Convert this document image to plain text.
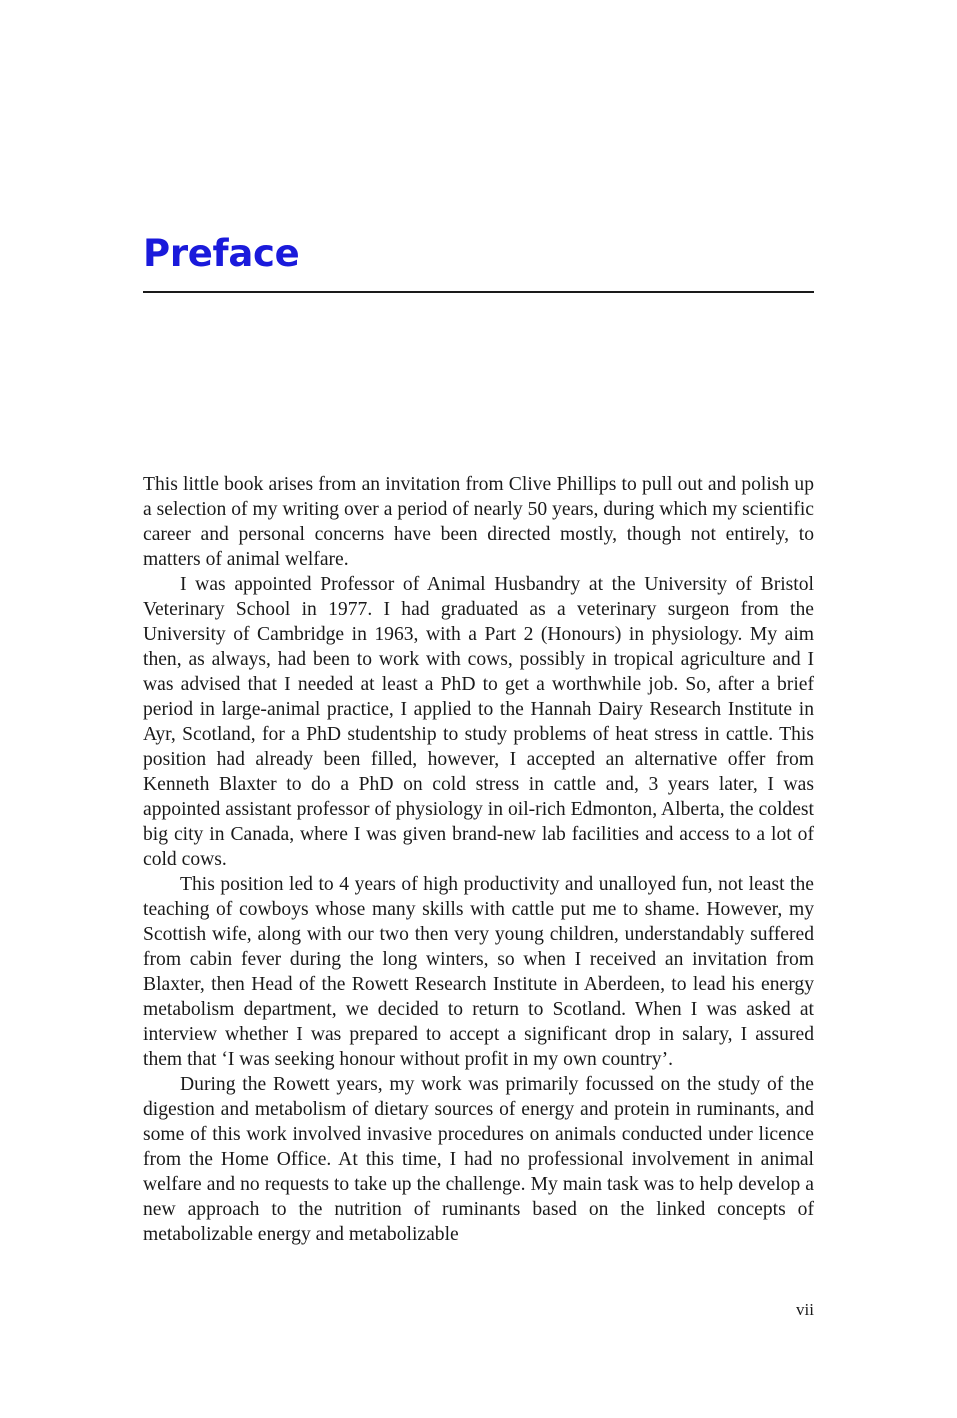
Preface

This little book arises from an invitation from Clive Phillips to pull out and polish up a selection of my writing over a period of nearly 50 years, during which my scientific career and personal concerns have been directed mostly, though not entirely, to matters of animal welfare.

I was appointed Professor of Animal Husbandry at the University of Bristol Veterinary School in 1977. I had graduated as a veterinary surgeon from the University of Cambridge in 1963, with a Part 2 (Honours) in physiology. My aim then, as always, had been to work with cows, possibly in tropical agriculture and I was advised that I needed at least a PhD to get a worthwhile job. So, after a brief period in large-animal practice, I applied to the Hannah Dairy Research Institute in Ayr, Scotland, for a PhD studentship to study problems of heat stress in cattle. This position had already been filled, however, I accepted an alternative offer from Kenneth Blaxter to do a PhD on cold stress in cattle and, 3 years later, I was appointed assistant professor of physiology in oil-rich Edmonton, Alberta, the coldest big city in Canada, where I was given brand-new lab facilities and access to a lot of cold cows.

This position led to 4 years of high productivity and unalloyed fun, not least the teaching of cowboys whose many skills with cattle put me to shame. However, my Scottish wife, along with our two then very young children, understandably suffered from cabin fever during the long winters, so when I received an invitation from Blaxter, then Head of the Rowett Research Institute in Aberdeen, to lead his energy metabolism department, we decided to return to Scotland. When I was asked at interview whether I was prepared to accept a significant drop in salary, I assured them that ‘I was seeking honour without profit in my own country’.

During the Rowett years, my work was primarily focussed on the study of the digestion and metabolism of dietary sources of energy and protein in ruminants, and some of this work involved invasive procedures on animals conducted under licence from the Home Office. At this time, I had no professional involvement in animal welfare and no requests to take up the challenge. My main task was to help develop a new approach to the nutrition of ruminants based on the linked concepts of metabolizable energy and metabolizable

vii
